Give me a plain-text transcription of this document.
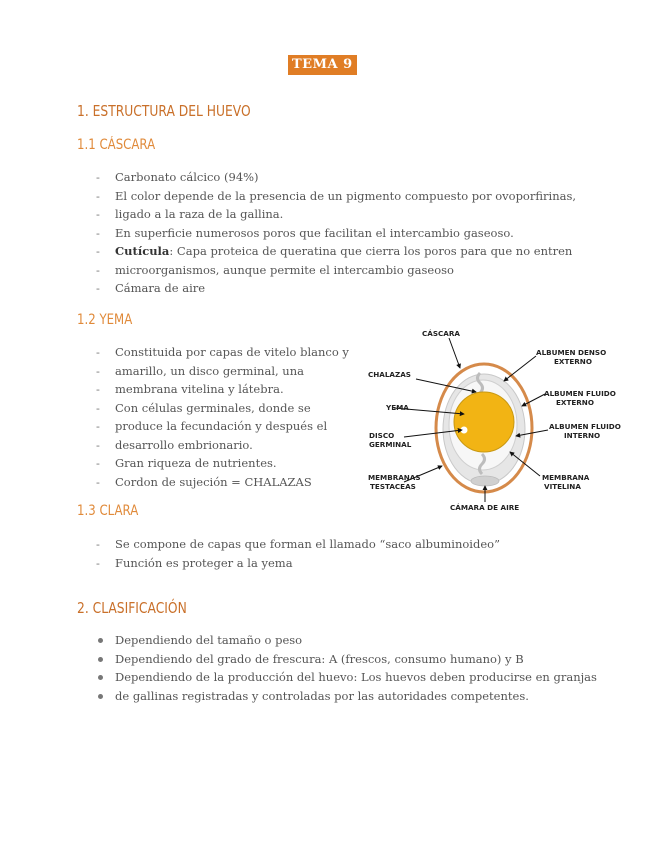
TEMA 9
1. ESTRUCTURA DEL HUEVO
1.1 CÁSCARA
- Carbonato cálcico (94%)
- El color depende de la presencia de un pigmento compuesto por ovoporfirinas,
- ligado a la raza de la gallina.
- En superficie numerosos poros que facilitan el intercambio gaseoso.
- Cutícula: Capa proteica de queratina que cierra los poros para que no entren
- microorganismos, aunque permite el intercambio gaseoso
- Cámara de aire
1.2 YEMA
- Constituida por capas de vitelo blanco y
- amarillo, un disco germinal, una
- membrana vitelina y látebra.
- Con células germinales, donde se
- produce la fecundación y después el
- desarrollo embrionario.
- Gran riqueza de nutrientes.
- Cordon de sujeción = CHALAZAS
1.3 CLARA
- Se compone de capas que forman el llamado “saco albuminoideo”
- Función es proteger a la yema
2. CLASIFICACIÓN
Dependiendo del tamaño o peso
Dependiendo del grado de frescura: A (frescos, consumo humano) y B
Dependiendo de la producción del huevo: Los huevos deben producirse en granjas
de gallinas registradas y controladas por las autoridades competentes.
CÁSCARA
CHALAZAS
YEMA
DISCO
GERMINAL
MEMBRANAS
TESTACEAS
CÁMARA DE AIRE
ALBUMEN DENSO
EXTERNO
ALBUMEN FLUIDO
EXTERNO
ALBUMEN FLUIDO
INTERNO
MEMBRANA
VITELINA
